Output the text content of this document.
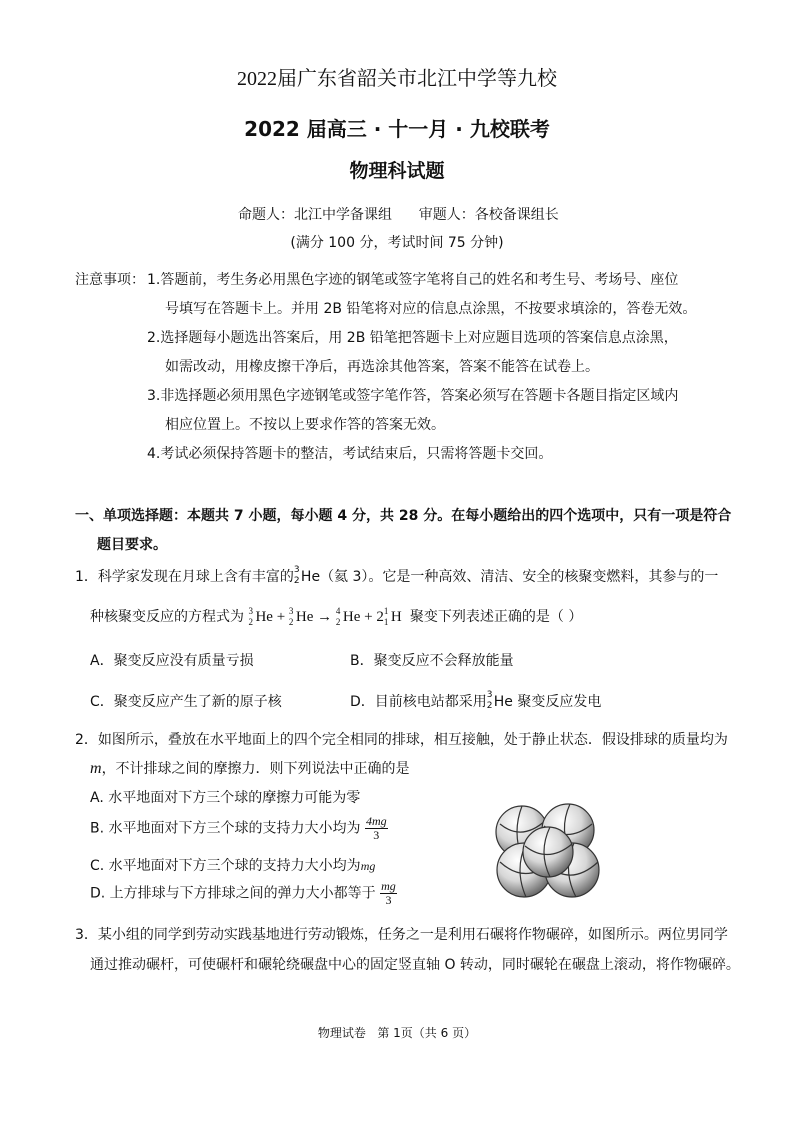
2022届广东省韶关市北江中学等九校
2022 届高三 · 十一月 · 九校联考
物理科试题
命题人：北江中学备课组      审题人：各校备课组长
(满分 100 分，考试时间 75 分钟)
注意事项： 1.答题前，考生务必用黑色字迹的钢笔或签字笔将自己的姓名和考生号、考场号、座位
号填写在答题卡上。并用 2B 铅笔将对应的信息点涂黑，不按要求填涂的，答卷无效。
2.选择题每小题选出答案后，用 2B 铅笔把答题卡上对应题目选项的答案信息点涂黑，
如需改动，用橡皮擦干净后，再选涂其他答案，答案不能答在试卷上。
3.非选择题必须用黑色字迹钢笔或签字笔作答，答案必须写在答题卡各题目指定区域内
相应位置上。不按以上要求作答的答案无效。
4.考试必须保持答题卡的整洁，考试结束后，只需将答题卡交回。
一、单项选择题：本题共 7 小题，每小题 4 分，共 28 分。在每小题给出的四个选项中，只有一项是符合
题目要求。
1．科学家发现在月球上含有丰富的 3
2 He（氦 3）。它是一种高效、清洁、安全的核聚变燃料，其参与的一
种核聚变反应的方程式为 3
2 He + 3
2 He → 4
2 He + 2 1
1 H  聚变下列表述正确的是（ ）
A．聚变反应没有质量亏损	B．聚变反应不会释放能量
C．聚变反应产生了新的原子核	D．目前核电站都采用 3
2 He 聚变反应发电
2．如图所示，叠放在水平地面上的四个完全相同的排球，相互接触，处于静止状态．假设排球的质量均为
m，不计排球之间的摩擦力．则下列说法中正确的是
A. 水平地面对下方三个球的摩擦力可能为零
B. 水平地面对下方三个球的支持力大小均为 $\frac{4mg}{3}$
C. 水平地面对下方三个球的支持力大小均为mg
D. 上方排球与下方排球之间的弹力大小都等于 $\frac{mg}{3}$
3．某小组的同学到劳动实践基地进行劳动锻炼，任务之一是利用石碾将作物碾碎，如图所示。两位男同学
通过推动碾杆，可使碾杆和碾轮绕碾盘中心的固定竖直轴 O 转动，同时碾轮在碾盘上滚动，将作物碾碎。
物理试卷   第 1页（共 6 页）
